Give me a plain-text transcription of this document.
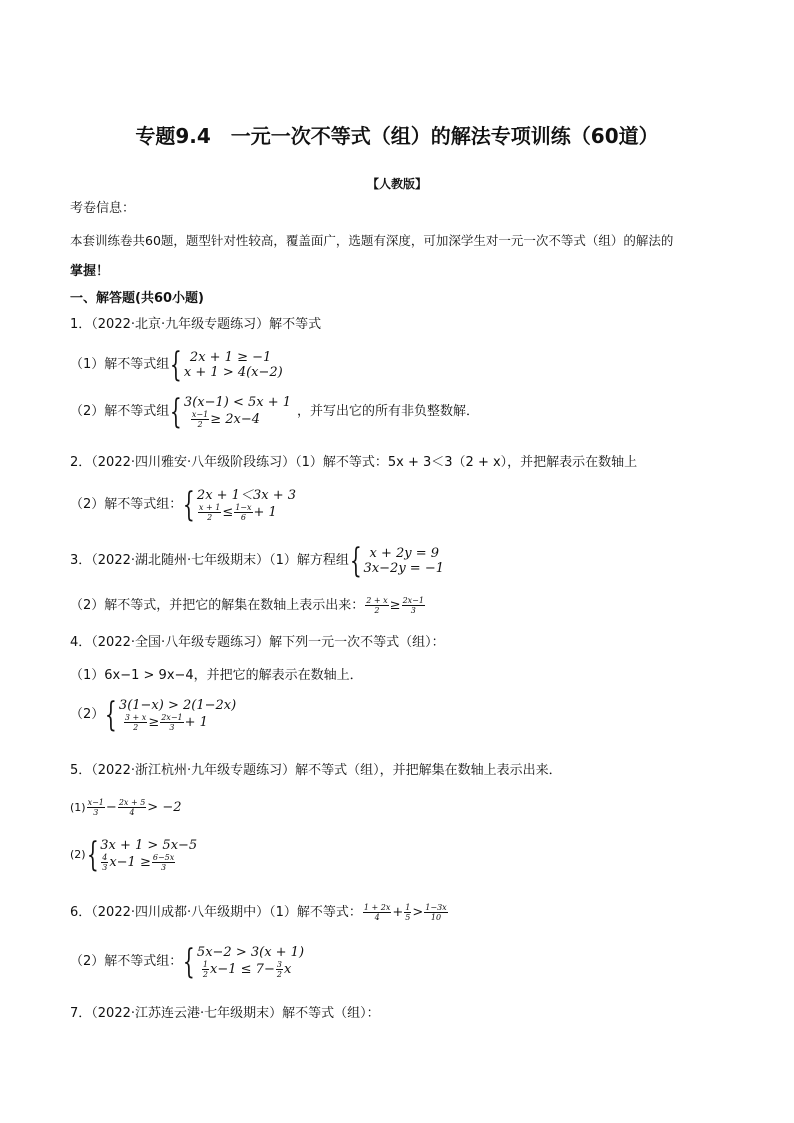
专题9.4　一元一次不等式（组）的解法专项训练（60道）
【人教版】
考卷信息：
本套训练卷共60题，题型针对性较高，覆盖面广，选题有深度，可加深学生对一元一次不等式（组）的解法的
掌握！
一、解答题(共60小题)
1．（2022·北京·九年级专题练习）解不等式
（1）解不等式组 { 2x + 1 ≥ −1
x + 1 > 4(x−2)
（2）解不等式组 { 3(x−1) < 5x + 1
$\frac{x-1}{2} \ge 2x-4$
，并写出它的所有非负整数解．
2．（2022·四川雅安·八年级阶段练习）（1）解不等式：5x + 3＜3（2 + x），并把解表示在数轴上
（2）解不等式组： { 2x + 1＜3x + 3
$\frac{x + 1}{2} \le \frac{1-x}{6} + 1$
3．（2022·湖北随州·七年级期末）（1）解方程组 { x + 2y = 9
3x−2y = −1
（2）解不等式，并把它的解集在数轴上表示出来： $\frac{2 + x}{2} \ge \frac{2x-1}{3}$
4．（2022·全国·八年级专题练习）解下列一元一次不等式（组）：
（1）6x−1 > 9x−4，并把它的解表示在数轴上．
（2） { 3(1−x) > 2(1−2x)
$\frac{3 + x}{2} \ge \frac{2x-1}{3} + 1$
5．（2022·浙江杭州·九年级专题练习）解不等式（组），并把解集在数轴上表示出来．
$(1) \frac{x-1}{3} - \frac{2x + 5}{4} > -2$
(2) { 3x + 1 > 5x−5
$\frac{4}{3} x-1 \ge \frac{6-5x}{3}$
6．（2022·四川成都·八年级期中）（1）解不等式： $\frac{1 + 2x}{4} + \frac{1}{5} > \frac{1-3x}{10}$
（2）解不等式组： { 5x−2 > 3(x + 1)
$\frac{1}{2} x-1 \le 7- \frac{3}{2}$ x
7．（2022·江苏连云港·七年级期末）解不等式（组）：
